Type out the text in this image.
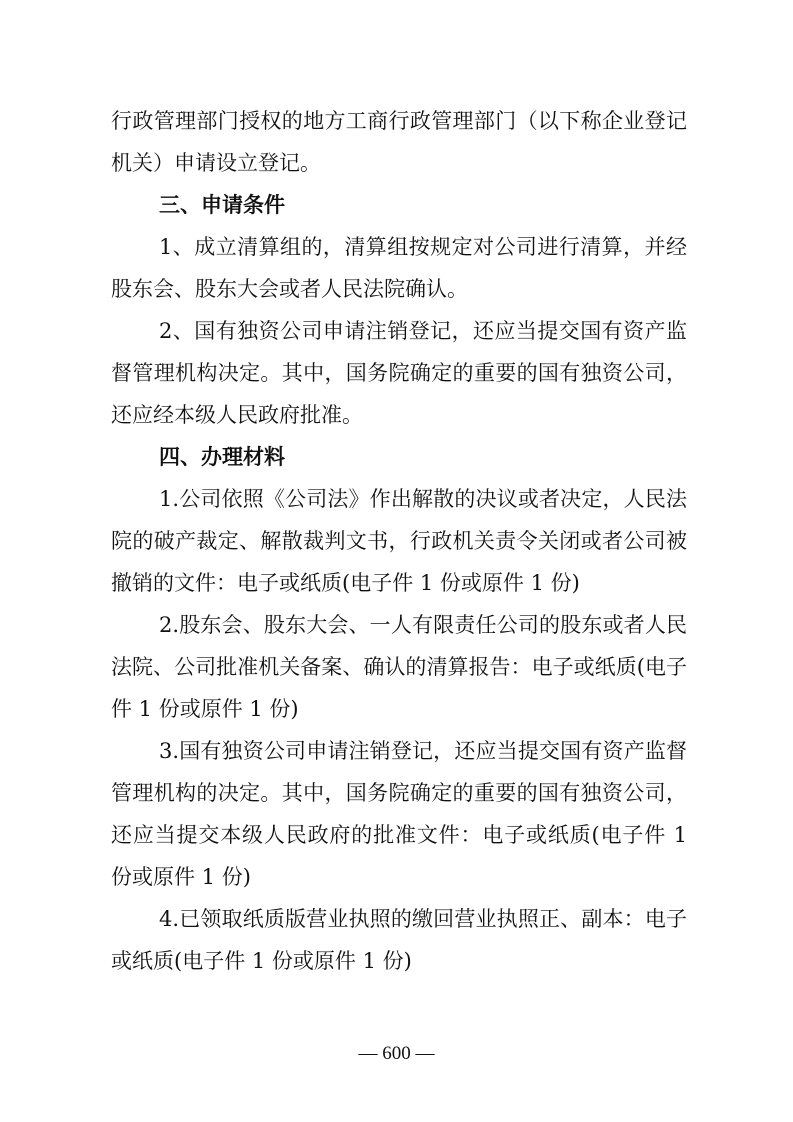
行政管理部门授权的地方工商行政管理部门（以下称企业登记机关）申请设立登记。

三、申请条件

1、成立清算组的，清算组按规定对公司进行清算，并经股东会、股东大会或者人民法院确认。

2、国有独资公司申请注销登记，还应当提交国有资产监督管理机构决定。其中，国务院确定的重要的国有独资公司，还应经本级人民政府批准。

四、办理材料

1.公司依照《公司法》作出解散的决议或者决定，人民法院的破产裁定、解散裁判文书，行政机关责令关闭或者公司被撤销的文件：电子或纸质(电子件 1 份或原件 1 份)

2.股东会、股东大会、一人有限责任公司的股东或者人民法院、公司批准机关备案、确认的清算报告：电子或纸质(电子件 1 份或原件 1 份)

3.国有独资公司申请注销登记，还应当提交国有资产监督管理机构的决定。其中，国务院确定的重要的国有独资公司，还应当提交本级人民政府的批准文件：电子或纸质(电子件 1 份或原件 1 份)

4.已领取纸质版营业执照的缴回营业执照正、副本：电子或纸质(电子件 1 份或原件 1 份)

— 600 —
